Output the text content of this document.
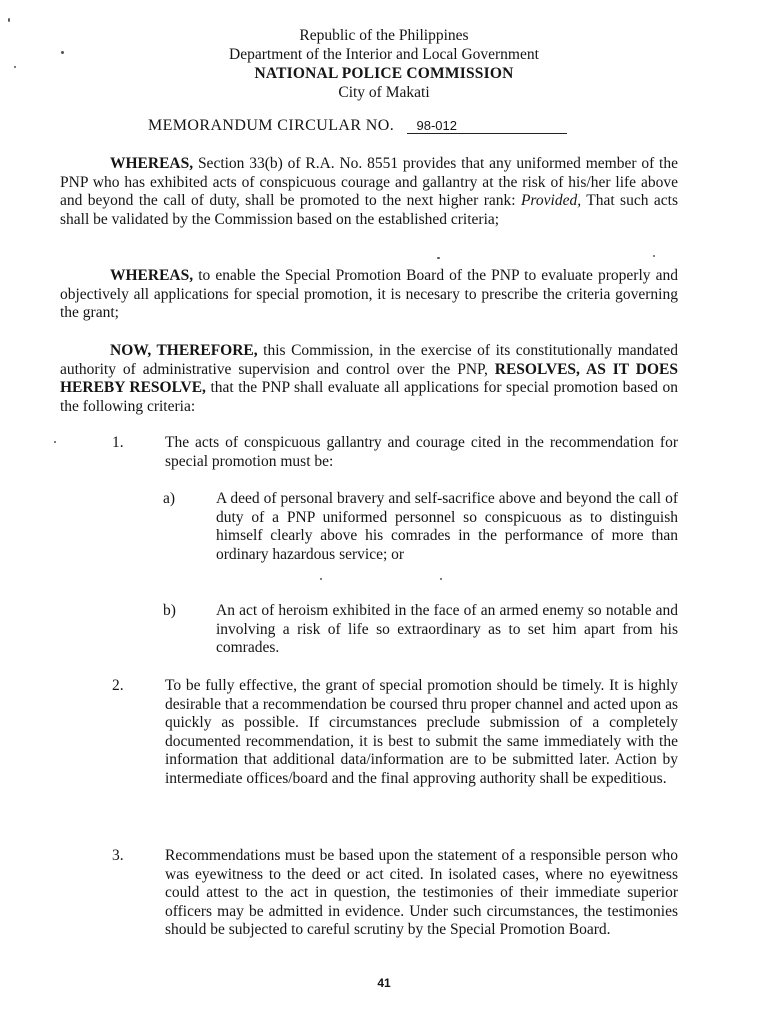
Republic of the Philippines
Department of the Interior and Local Government
NATIONAL POLICE COMMISSION
City of Makati
MEMORANDUM CIRCULAR NO. 98-012
WHEREAS, Section 33(b) of R.A. No. 8551 provides that any uniformed member of the PNP who has exhibited acts of conspicuous courage and gallantry at the risk of his/her life above and beyond the call of duty, shall be promoted to the next higher rank: Provided, That such acts shall be validated by the Commission based on the established criteria;
WHEREAS, to enable the Special Promotion Board of the PNP to evaluate properly and objectively all applications for special promotion, it is necesary to prescribe the criteria governing the grant;
NOW, THEREFORE, this Commission, in the exercise of its constitutionally mandated authority of administrative supervision and control over the PNP, RESOLVES, AS IT DOES HEREBY RESOLVE, that the PNP shall evaluate all applications for special promotion based on the following criteria:
1.	The acts of conspicuous gallantry and courage cited in the recommendation for special promotion must be:
a)	A deed of personal bravery and self-sacrifice above and beyond the call of duty of a PNP uniformed personnel so conspicuous as to distinguish himself clearly above his comrades in the performance of more than ordinary hazardous service; or
b)	An act of heroism exhibited in the face of an armed enemy so notable and involving a risk of life so extraordinary as to set him apart from his comrades.
2.	To be fully effective, the grant of special promotion should be timely. It is highly desirable that a recommendation be coursed thru proper channel and acted upon as quickly as possible. If circumstances preclude submission of a completely documented recommendation, it is best to submit the same immediately with the information that additional data/information are to be submitted later. Action by intermediate offices/board and the final approving authority shall be expeditious.
3.	Recommendations must be based upon the statement of a responsible person who was eyewitness to the deed or act cited. In isolated cases, where no eyewitness could attest to the act in question, the testimonies of their immediate superior officers may be admitted in evidence. Under such circumstances, the testimonies should be subjected to careful scrutiny by the Special Promotion Board.
41
